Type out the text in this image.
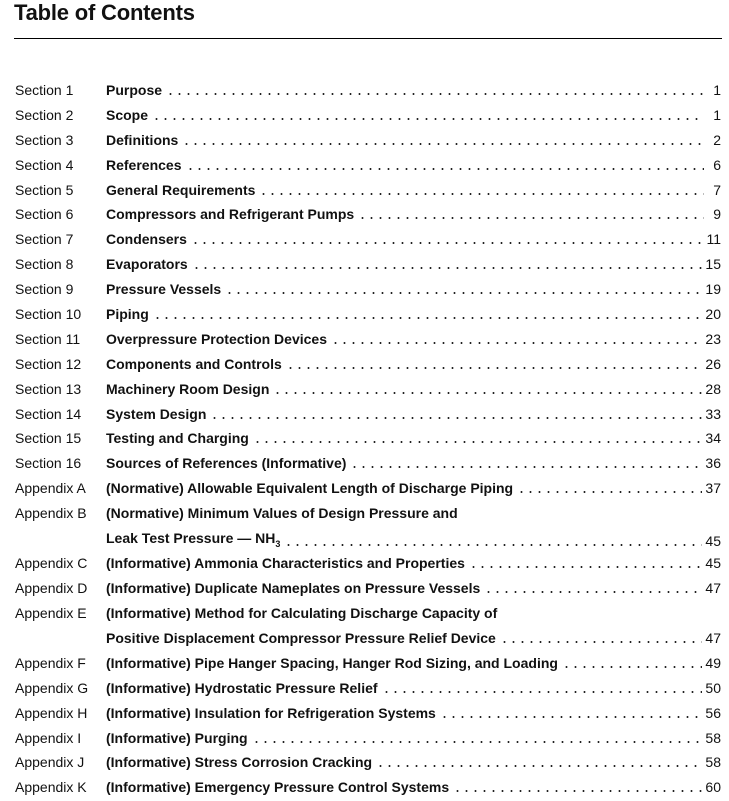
Table of Contents
Section 1 Purpose	1
Section 2 Scope	1
Section 3 Definitions	2
Section 4 References	6
Section 5 General Requirements	7
Section 6 Compressors and Refrigerant Pumps	9
Section 7 Condensers	11
Section 8 Evaporators	15
Section 9 Pressure Vessels	19
Section 10 Piping	20
Section 11 Overpressure Protection Devices	23
Section 12 Components and Controls	26
Section 13 Machinery Room Design	28
Section 14 System Design	33
Section 15 Testing and Charging	34
Section 16 Sources of References (Informative)	36
Appendix A (Normative) Allowable Equivalent Length of Discharge Piping	37
Appendix B (Normative) Minimum Values of Design Pressure and
Leak Test Pressure — $NH_3$	45
Appendix C (Informative) Ammonia Characteristics and Properties	45
Appendix D (Informative) Duplicate Nameplates on Pressure Vessels	47
Appendix E (Informative) Method for Calculating Discharge Capacity of
Positive Displacement Compressor Pressure Relief Device	47
Appendix F (Informative) Pipe Hanger Spacing, Hanger Rod Sizing, and Loading	49
Appendix G (Informative) Hydrostatic Pressure Relief	50
Appendix H (Informative) Insulation for Refrigeration Systems	56
Appendix I (Informative) Purging	58
Appendix J (Informative) Stress Corrosion Cracking	58
Appendix K (Informative) Emergency Pressure Control Systems	60
